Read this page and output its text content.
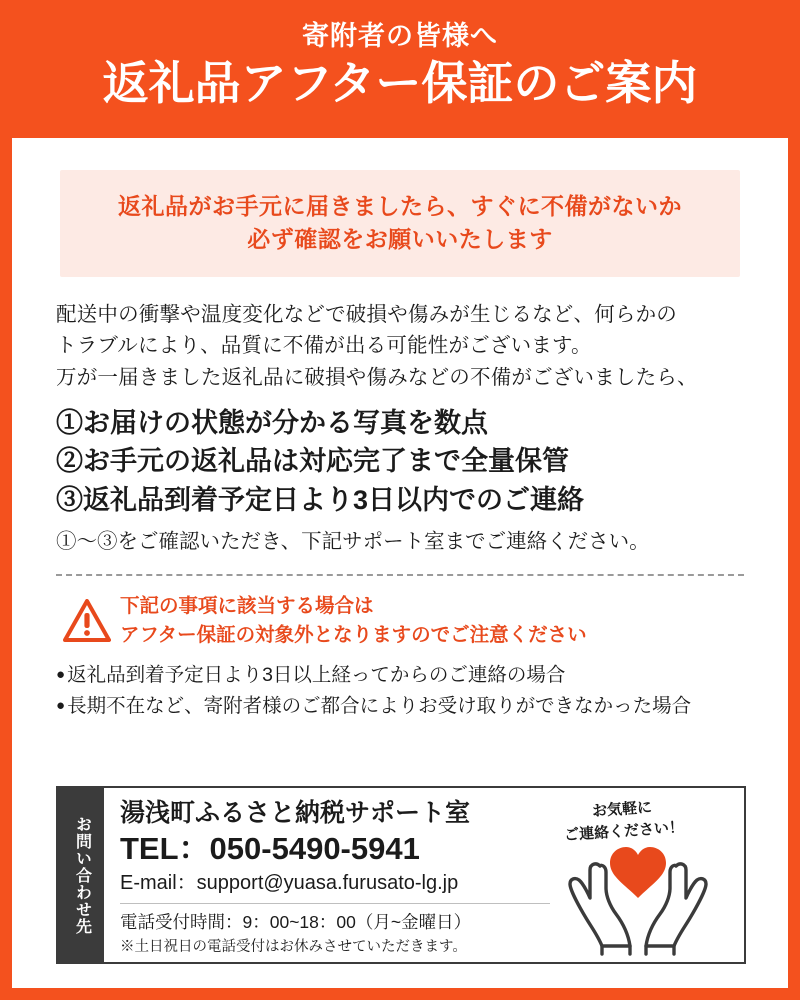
寄附者の皆様へ
返礼品アフター保証のご案内
返礼品がお手元に届きましたら、すぐに不備がないか
必ず確認をお願いいたします
配送中の衝撃や温度変化などで破損や傷みが生じるなど、何らかの
トラブルにより、品質に不備が出る可能性がございます。
万が一届きました返礼品に破損や傷みなどの不備がございましたら、
①お届けの状態が分かる写真を数点
②お手元の返礼品は対応完了まで全量保管
③返礼品到着予定日より3日以内でのご連絡
①～③をご確認いただき、下記サポート室までご連絡ください。
下記の事項に該当する場合は
アフター保証の対象外となりますのでご注意ください
● 返礼品到着予定日より3日以上経ってからのご連絡の場合
● 長期不在など、寄附者様のご都合によりお受け取りができなかった場合
お問い合わせ先
湯浅町ふるさと納税サポート室
TEL：050-5490-5941
E-mail：support@yuasa.furusato-lg.jp
電話受付時間：9：00~18：00（月~金曜日）
※土日祝日の電話受付はお休みさせていただきます。
お気軽に
ご連絡ください！
